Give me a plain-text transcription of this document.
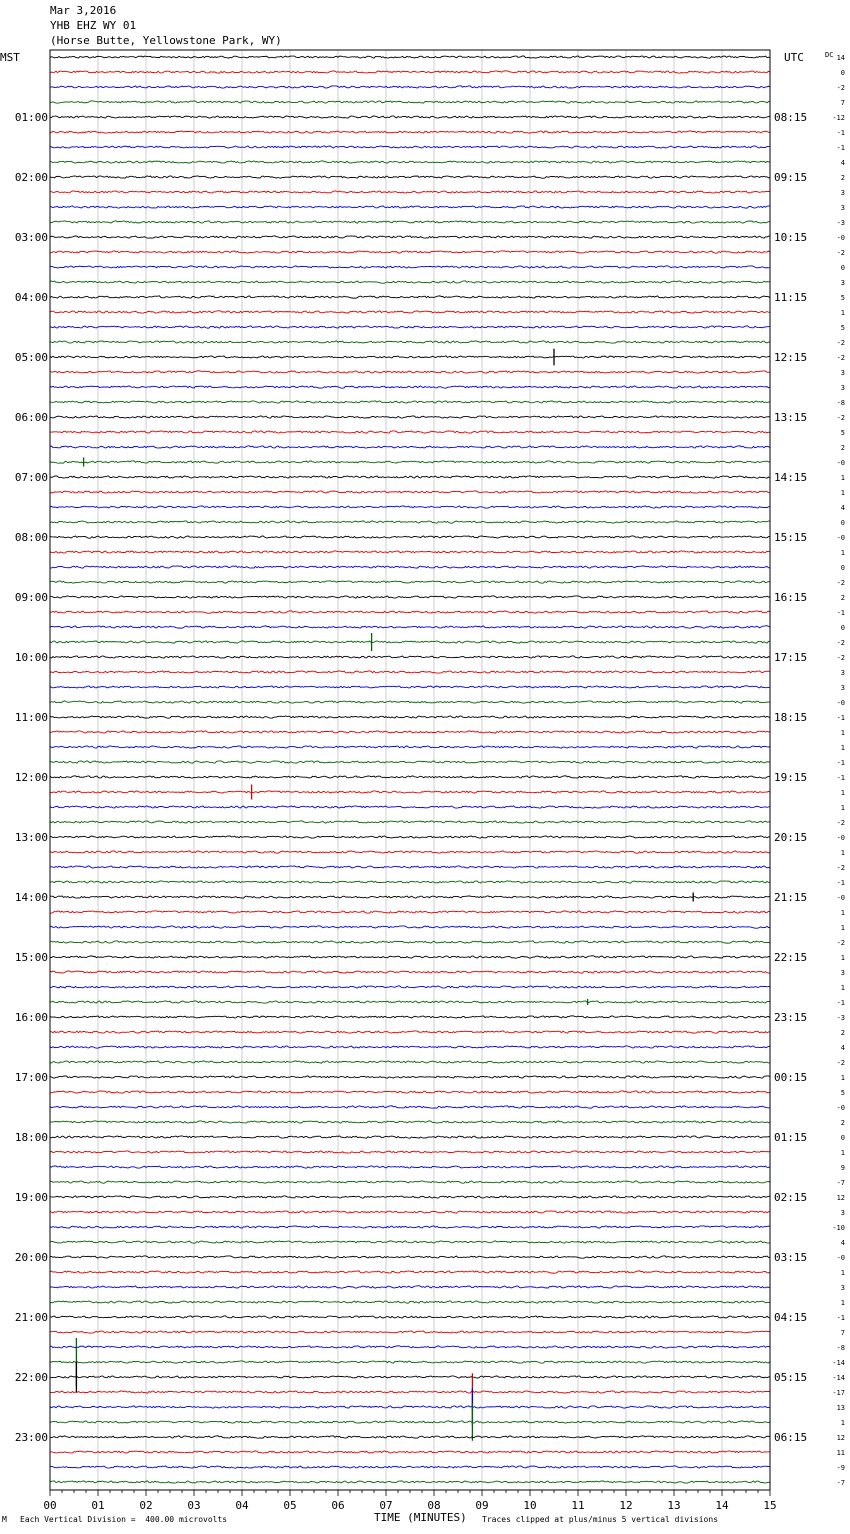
Mar 3,2016
YHB EHZ WY 01
(Horse Butte, Yellowstone Park, WY)
MST	UTC	DC
01:00
02:00
03:00
04:00
05:00
06:00
07:00
08:00
09:00
10:00
11:00
12:00
13:00
14:00
15:00
16:00
17:00
18:00
19:00
20:00
21:00
22:00
23:00
08:15
09:15
10:15
11:15
12:15
13:15
14:15
15:15
16:15
17:15
18:15
19:15
20:15
21:15
22:15
23:15
00:15
01:15
02:15
03:15
04:15
05:15
06:15
14
0
-2
7
-12
-1
-1
4
2
3
3
-3
-0
-2
0
3
5
1
5
-2
-2
3
3
-8
-2
5
2
-0
1
1
4
0
-0
1
0
-2
2
-1
0
-2
-2
3
3
-0
-1
1
1
-1
-1
1
1
-2
-0
1
-2
-1
-0
1
1
-2
1
3
1
-1
-3
2
4
-2
1
5
-0
2
0
1
9
-7
12
3
-10
4
-0
1
3
1
-1
7
-8
-14
-14
-17
13
1
12
11
-9
-7
00	01	02	03	04	05	06	07	08	09	10	11	12	13	14	15
M Each Vertical Division =  400.00 microvolts	TIME (MINUTES) Traces clipped at plus/minus 5 vertical divisions
